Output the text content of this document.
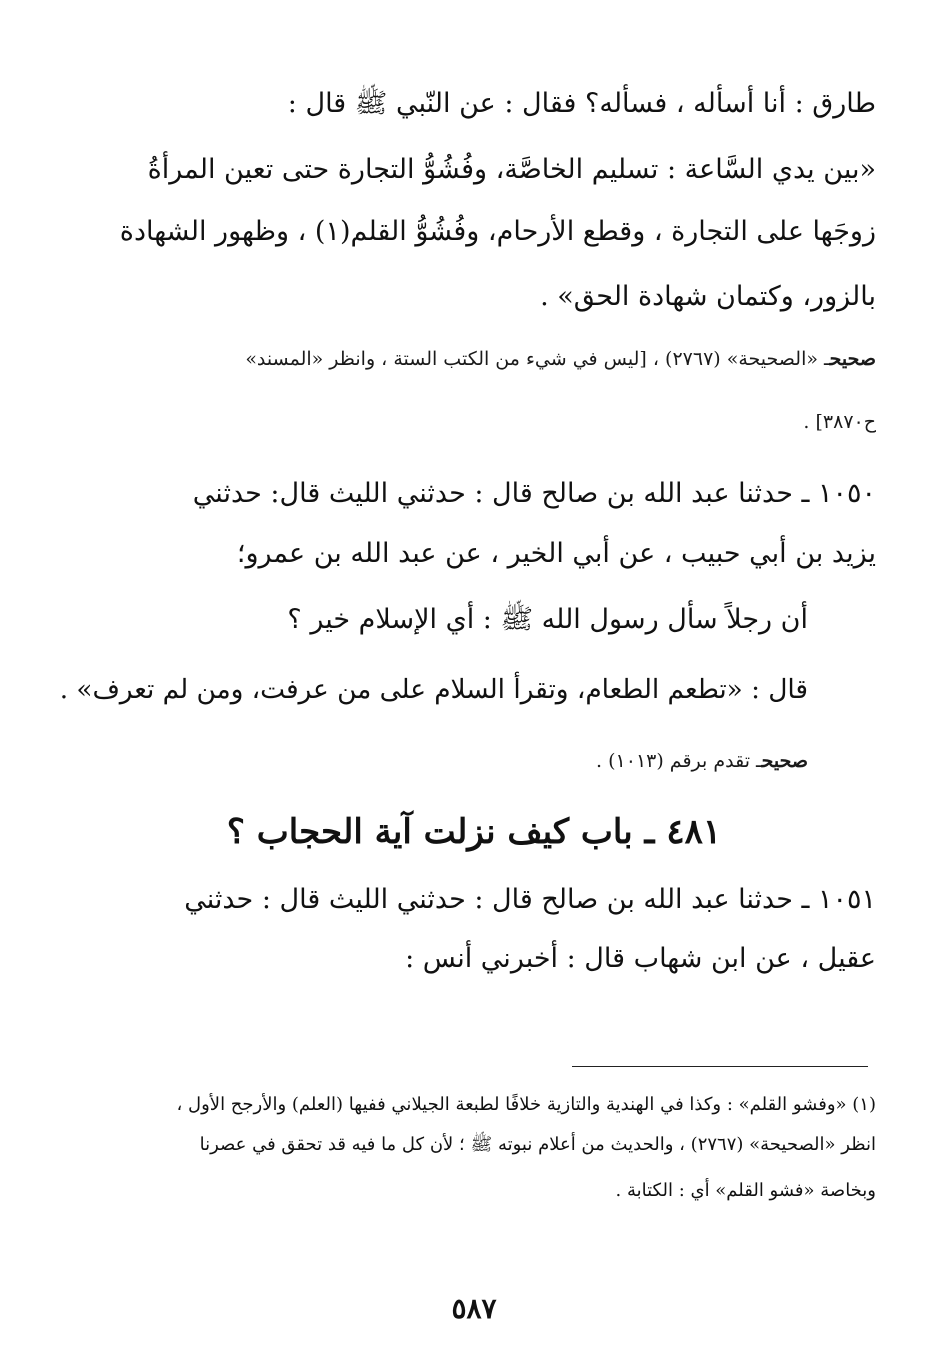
طارق : أنا أسأله ، فسأله؟ فقال : عن النّبي ﷺ قال :
«بين يدي السَّاعة : تسليم الخاصَّة، وفُشُوُّ التجارة حتى تعين المرأةُ
زوجَها على التجارة ، وقطع الأرحام، وفُشُوُّ القلم(١) ، وظهور الشهادة
بالزور، وكتمان شهادة الحق» .
صحيحـ «الصحيحة» (٢٧٦٧) ، [ليس في شيء من الكتب الستة ، وانظر «المسند»
ح٣٨٧٠] .
١٠٥٠ ـ حدثنا عبد الله بن صالح قال : حدثني الليث قال: حدثني
يزيد بن أبي حبيب ، عن أبي الخير ، عن عبد الله بن عمرو؛
أن رجلاً سأل رسول الله ﷺ : أي الإسلام خير ؟
قال : «تطعم الطعام، وتقرأ السلام على من عرفت، ومن لم تعرف» .
صحيحـ تقدم برقم (١٠١٣) .
٤٨١ ـ باب كيف نزلت آية الحجاب ؟
١٠٥١ ـ حدثنا عبد الله بن صالح قال : حدثني الليث قال : حدثني
عقيل ، عن ابن شهاب قال : أخبرني أنس :
(١) «وفشو القلم» : وكذا في الهندية والتازية خلافًا لطبعة الجيلاني ففيها (العلم) والأرجح الأول ،
انظر «الصحيحة» (٢٧٦٧) ، والحديث من أعلام نبوته ﷺ ؛ لأن كل ما فيه قد تحقق في عصرنا
وبخاصة «فشو القلم» أي : الكتابة .
٥٨٧
